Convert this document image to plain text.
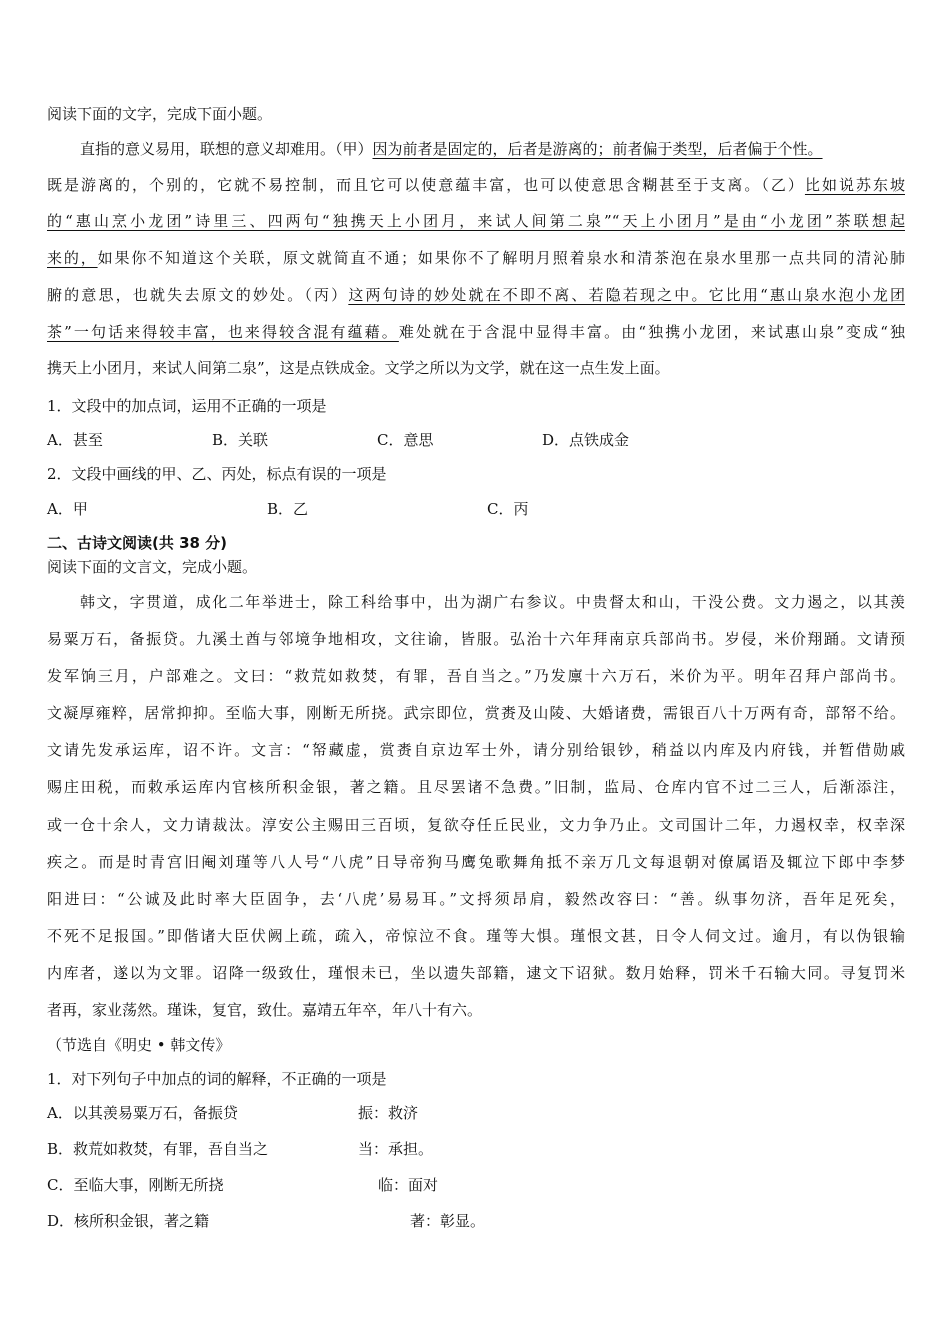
阅读下面的文字，完成下面小题。
直指的意义易用，联想的意义却难用。（甲）因为前者是固定的，后者是游离的；前者偏于类型，后者偏于个性。
既是游离的，个别的，它就不易控制，而且它可以使意蕴丰富，也可以使意思含糊甚至于支离。（乙）比如说苏东坡
的“惠山烹小龙团”诗里三、四两句“独携天上小团月，来试人间第二泉”“天上小团月”是由“小龙团”茶联想起
来的，如果你不知道这个关联，原文就简直不通；如果你不了解明月照着泉水和清茶泡在泉水里那一点共同的清沁肺
腑的意思，也就失去原文的妙处。（丙）这两句诗的妙处就在不即不离、若隐若现之中。它比用“惠山泉水泡小龙团
茶”一句话来得较丰富，也来得较含混有蕴藉。难处就在于含混中显得丰富。由“独携小龙团，来试惠山泉”变成“独
携天上小团月，来试人间第二泉”，这是点铁成金。文学之所以为文学，就在这一点生发上面。
1．文段中的加点词，运用不正确的一项是
A．甚至	B．关联	C．意思	D．点铁成金
2．文段中画线的甲、乙、丙处，标点有误的一项是
A．甲	B．乙	C．丙
二、古诗文阅读(共 38 分)
阅读下面的文言文，完成小题。
韩文，字贯道，成化二年举进士，除工科给事中，出为湖广右参议。中贵督太和山，干没公费。文力遏之，以其羡
易粟万石，备振贷。九溪土酋与邻境争地相攻，文往谕，皆服。弘治十六年拜南京兵部尚书。岁侵，米价翔踊。文请预
发军饷三月，户部难之。文曰：“救荒如救焚，有罪，吾自当之。”乃发廪十六万石，米价为平。明年召拜户部尚书。
文凝厚雍粹，居常抑抑。至临大事，刚断无所挠。武宗即位，赏赉及山陵、大婚诸费，需银百八十万两有奇，部帑不给。
文请先发承运库，诏不许。文言：“帑藏虚，赏赉自京边军士外，请分别给银钞，稍益以内库及内府钱，并暂借勋戚
赐庄田税，而敕承运库内官核所积金银，著之籍。且尽罢诸不急费。”旧制，监局、仓库内官不过二三人，后渐添注，
或一仓十余人，文力请裁汰。淳安公主赐田三百顷，复欲夺任丘民业，文力争乃止。文司国计二年，力遏权幸，权幸深
疾之。而是时青宫旧阉刘瑾等八人号“八虎”日导帝狗马鹰兔歌舞角抵不亲万几文每退朝对僚属语及辄泣下郎中李梦
阳进曰：“公诚及此时率大臣固争，去‘八虎’易易耳。”文捋须昂肩，毅然改容曰：“善。纵事勿济，吾年足死矣，
不死不足报国。”即偕诸大臣伏阙上疏，疏入，帝惊泣不食。瑾等大惧。瑾恨文甚，日令人伺文过。逾月，有以伪银输
内库者，遂以为文罪。诏降一级致仕，瑾恨未已，坐以遗失部籍，逮文下诏狱。数月始释，罚米千石输大同。寻复罚米
者再，家业荡然。瑾诛，复官，致仕。嘉靖五年卒，年八十有六。
（节选自《明史 • 韩文传》
1．对下列句子中加点的词的解释，不正确的一项是
A．以其羡易粟万石，备振贷	振：救济
B．救荒如救焚，有罪，吾自当之	当：承担。
C．至临大事，刚断无所挠	临：面对
D．核所积金银，著之籍	著：彰显。
